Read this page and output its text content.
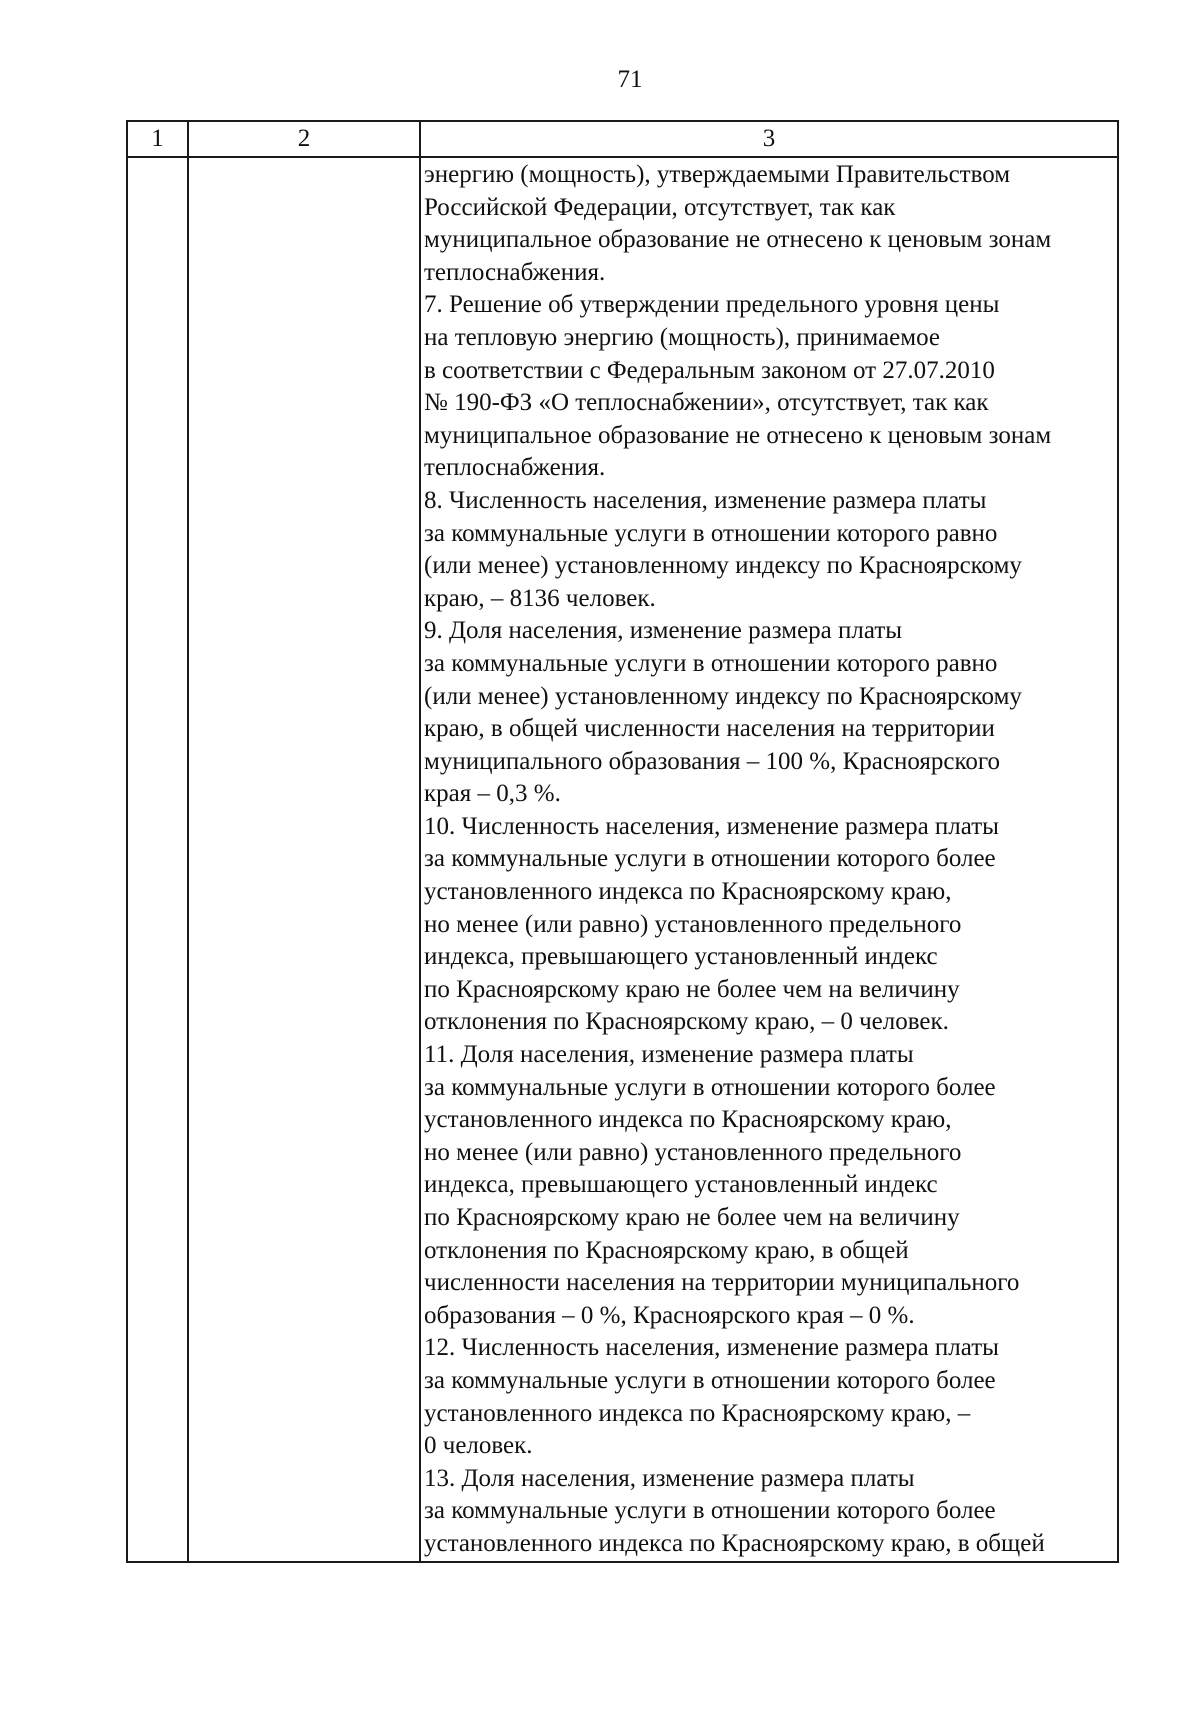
71
1	2	3
энергию (мощность), утверждаемыми Правительством
Российской Федерации, отсутствует, так как
муниципальное образование не отнесено к ценовым зонам
теплоснабжения.
7. Решение об утверждении предельного уровня цены
на тепловую энергию (мощность), принимаемое
в соответствии с Федеральным законом от 27.07.2010
№ 190-ФЗ «О теплоснабжении», отсутствует, так как
муниципальное образование не отнесено к ценовым зонам
теплоснабжения.
8. Численность населения, изменение размера платы
за коммунальные услуги в отношении которого равно
(или менее) установленному индексу по Красноярскому
краю, – 8136 человек.
9. Доля населения, изменение размера платы
за коммунальные услуги в отношении которого равно
(или менее) установленному индексу по Красноярскому
краю, в общей численности населения на территории
муниципального образования – 100 %, Красноярского
края – 0,3 %.
10. Численность населения, изменение размера платы
за коммунальные услуги в отношении которого более
установленного индекса по Красноярскому краю,
но менее (или равно) установленного предельного
индекса, превышающего установленный индекс
по Красноярскому краю не более чем на величину
отклонения по Красноярскому краю, – 0 человек.
11. Доля населения, изменение размера платы
за коммунальные услуги в отношении которого более
установленного индекса по Красноярскому краю,
но менее (или равно) установленного предельного
индекса, превышающего установленный индекс
по Красноярскому краю не более чем на величину
отклонения по Красноярскому краю, в общей
численности населения на территории муниципального
образования – 0 %, Красноярского края – 0 %.
12. Численность населения, изменение размера платы
за коммунальные услуги в отношении которого более
установленного индекса по Красноярскому краю, –
0 человек.
13. Доля населения, изменение размера платы
за коммунальные услуги в отношении которого более
установленного индекса по Красноярскому краю, в общей
